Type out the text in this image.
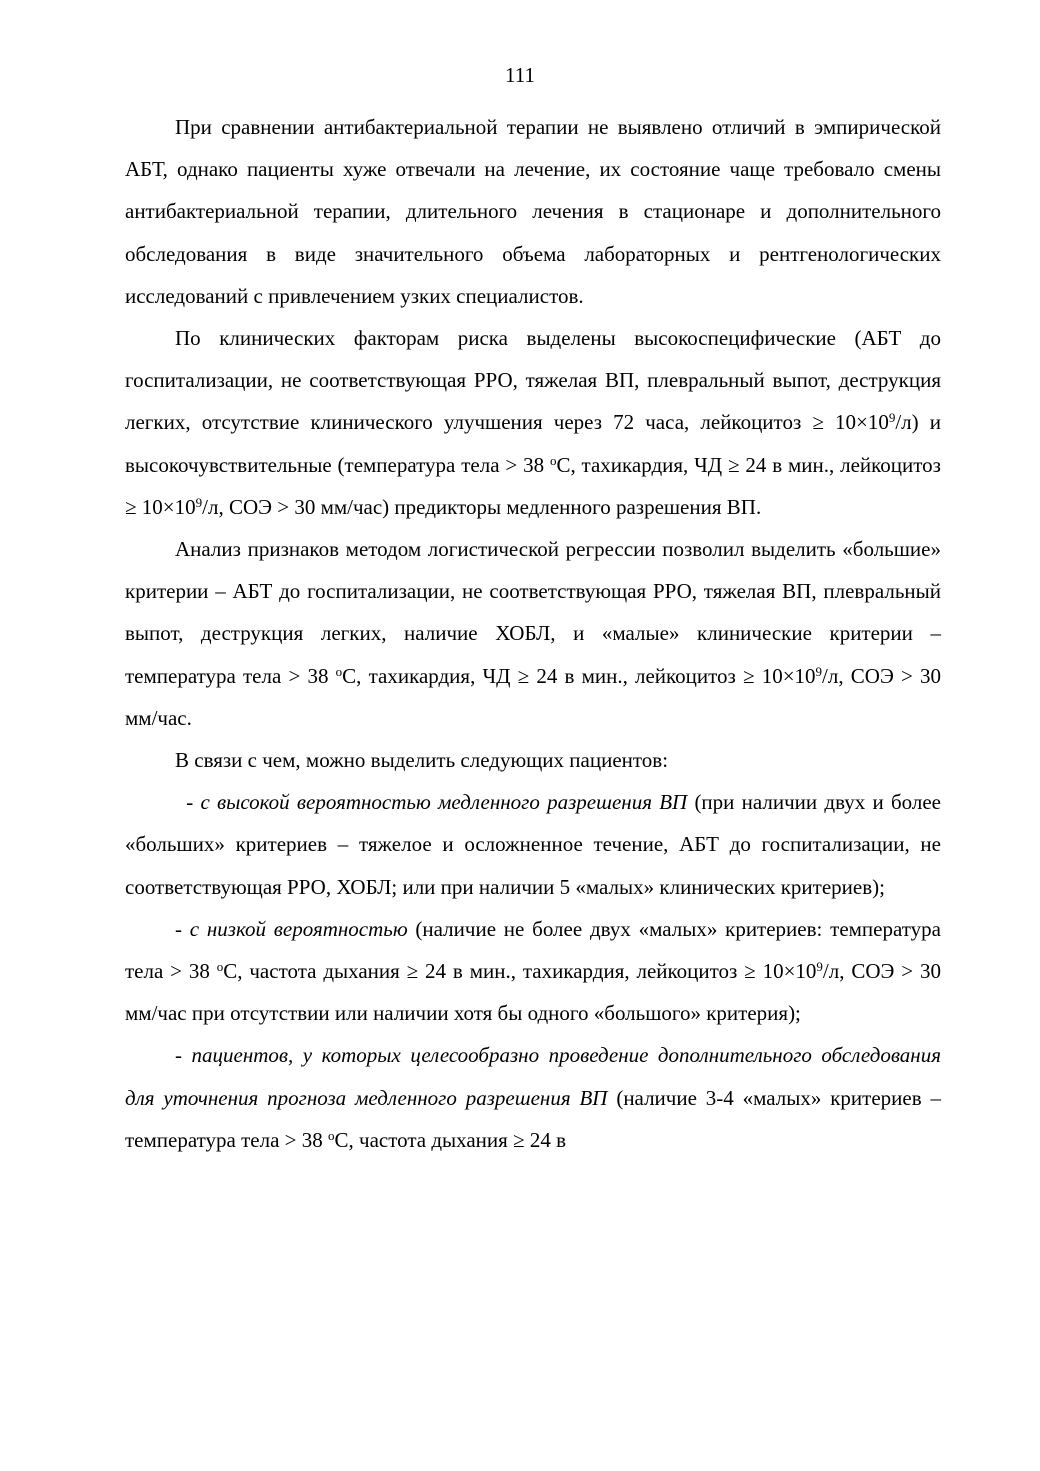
111

При сравнении антибактериальной терапии не выявлено отличий в эмпирической АБТ, однако пациенты хуже отвечали на лечение, их состояние чаще требовало смены антибактериальной терапии, длительного лечения в стационаре и дополнительного обследования в виде значительного объема лабораторных и рентгенологических исследований с привлечением узких специалистов.

По клинических факторам риска выделены высокоспецифические (АБТ до госпитализации, не соответствующая РРО, тяжелая ВП, плевральный выпот, деструкция легких, отсутствие клинического улучшения через 72 часа, лейкоцитоз ≥ $10\times 10^9/л$) и высокочувствительные (температура тела > 38 $^о$С, тахикардия, ЧД ≥ 24 в мин., лейкоцитоз ≥ $10\times 10^9/л$, СОЭ > 30 мм/час) предикторы медленного разрешения ВП.

Анализ признаков методом логистической регрессии позволил выделить «большие» критерии – АБТ до госпитализации, не соответствующая РРО, тяжелая ВП, плевральный выпот, деструкция легких, наличие ХОБЛ, и «малые» клинические критерии – температура тела > 38 $^о$С, тахикардия, ЧД ≥ 24 в мин., лейкоцитоз ≥ $10\times 10^9/л$, СОЭ > 30 мм/час.

В связи с чем, можно выделить следующих пациентов:

- с высокой вероятностью медленного разрешения ВП (при наличии двух и более «больших» критериев – тяжелое и осложненное течение, АБТ до госпитализации, не соответствующая РРО, ХОБЛ; или при наличии 5 «малых» клинических критериев);

- с низкой вероятностью (наличие не более двух «малых» критериев: температура тела > 38 $^о$С, частота дыхания ≥ 24 в мин., тахикардия, лейкоцитоз ≥ $10\times 10^9/л$, СОЭ > 30 мм/час при отсутствии или наличии хотя бы одного «большого» критерия);

- пациентов, у которых целесообразно проведение дополнительного обследования для уточнения прогноза медленного разрешения ВП (наличие 3-4 «малых» критериев – температура тела > 38 $^о$С, частота дыхания ≥ 24 в
